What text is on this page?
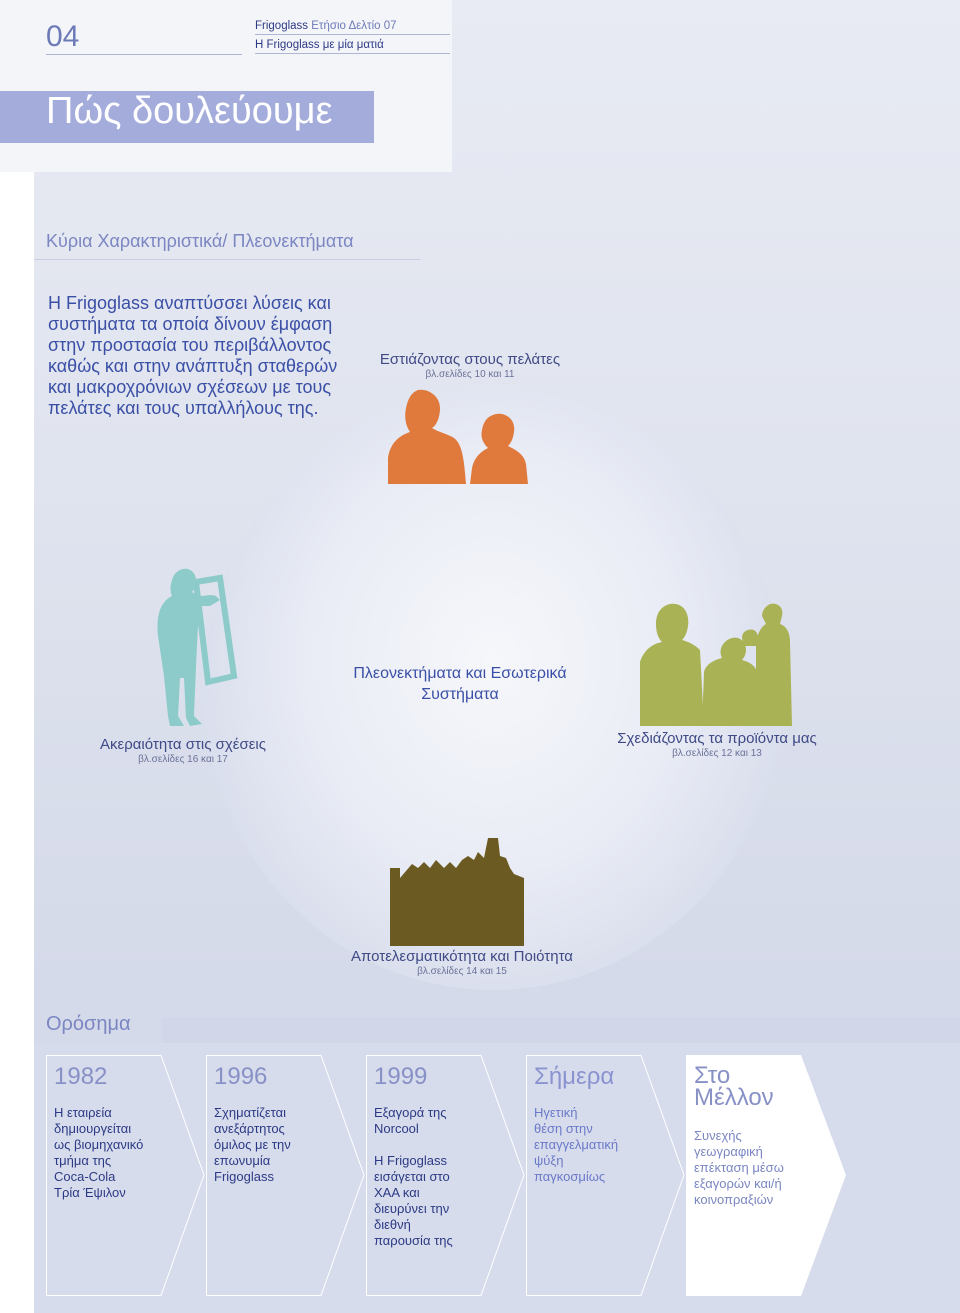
04	Frigoglass Ετήσιο Δελτίο 07
Η Frigoglass με μία ματιά
Πώς δουλεύουμε
Κύρια Χαρακτηριστικά/ Πλεονεκτήματα
Η Frigoglass αναπτύσσει λύσεις και συστήματα τα οποία δίνουν έμφαση στην προστασία του περιβάλλοντος καθώς και στην ανάπτυξη σταθερών και μακροχρόνιων σχέσεων με τους πελάτες και τους υπαλλήλους της.
Εστιάζοντας στους πελάτες
βλ.σελίδες 10 και 11
Ακεραιότητα στις σχέσεις
βλ.σελίδες 16 και 17
Σχεδιάζοντας τα προϊόντα μας
βλ.σελίδες 12 και 13
Αποτελεσματικότητα και Ποιότητα
βλ.σελίδες 14 και 15
Πλεονεκτήματα και Εσωτερικά Συστήματα
Ορόσημα
1982
Η εταιρεία
δημιουργείται
ως βιομηχανικό
τμήμα της
Coca-Cola
Τρία Έψιλον
1996
Σχηματίζεται
ανεξάρτητος
όμιλος με την
επωνυμία
Frigoglass
1999
Εξαγορά της
Norcool

Η Frigoglass
εισάγεται στο
ΧΑΑ και
διευρύνει την
διεθνή
παρουσία της
Σήμερα
Ηγετική
θέση στην
επαγγελματική
ψύξη
παγκοσμίως
Στο
Μέλλον
Συνεχής
γεωγραφική
επέκταση μέσω
εξαγορών και/ή
κοινοπραξιών
